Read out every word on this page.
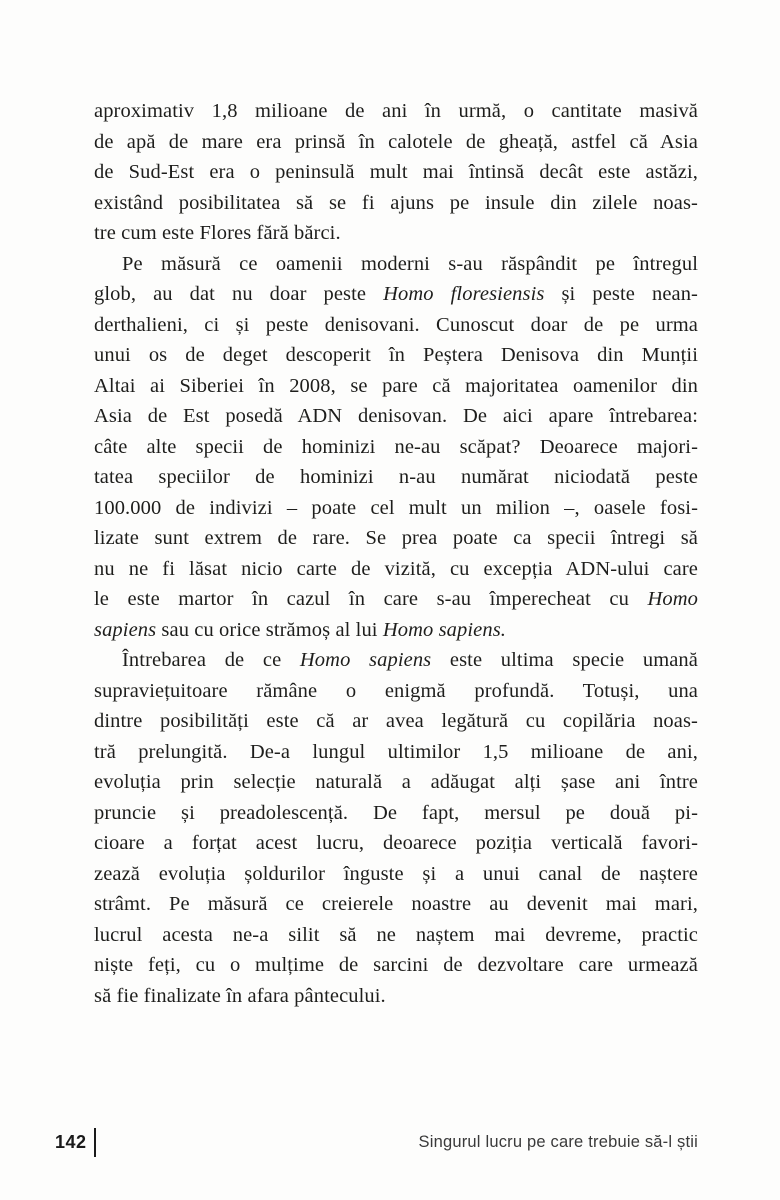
aproximativ 1,8 milioane de ani în urmă, o cantitate masivă
de apă de mare era prinsă în calotele de gheață, astfel că Asia
de Sud-Est era o peninsulă mult mai întinsă decât este astăzi,
existând posibilitatea să se fi ajuns pe insule din zilele noas-
tre cum este Flores fără bărci.
Pe măsură ce oamenii moderni s-au răspândit pe întregul
glob, au dat nu doar peste Homo floresiensis și peste nean-
derthalieni, ci și peste denisovani. Cunoscut doar de pe urma
unui os de deget descoperit în Peștera Denisova din Munții
Altai ai Siberiei în 2008, se pare că majoritatea oamenilor din
Asia de Est posedă ADN denisovan. De aici apare întrebarea:
câte alte specii de hominizi ne-au scăpat? Deoarece majori-
tatea speciilor de hominizi n-au numărat niciodată peste
100.000 de indivizi – poate cel mult un milion –, oasele fosi-
lizate sunt extrem de rare. Se prea poate ca specii întregi să
nu ne fi lăsat nicio carte de vizită, cu excepția ADN-ului care
le este martor în cazul în care s-au împerecheat cu Homo
sapiens sau cu orice strămoș al lui Homo sapiens.
Întrebarea de ce Homo sapiens este ultima specie umană
supraviețuitoare rămâne o enigmă profundă. Totuși, una
dintre posibilități este că ar avea legătură cu copilăria noas-
tră prelungită. De-a lungul ultimilor 1,5 milioane de ani,
evoluția prin selecție naturală a adăugat alți șase ani între
pruncie și preadolescență. De fapt, mersul pe două pi-
cioare a forțat acest lucru, deoarece poziția verticală favori-
zează evoluția șoldurilor înguste și a unui canal de naștere
strâmt. Pe măsură ce creierele noastre au devenit mai mari,
lucrul acesta ne-a silit să ne naștem mai devreme, practic
niște feți, cu o mulțime de sarcini de dezvoltare care urmează
să fie finalizate în afara pântecului.
142	Singurul lucru pe care trebuie să-l știi
